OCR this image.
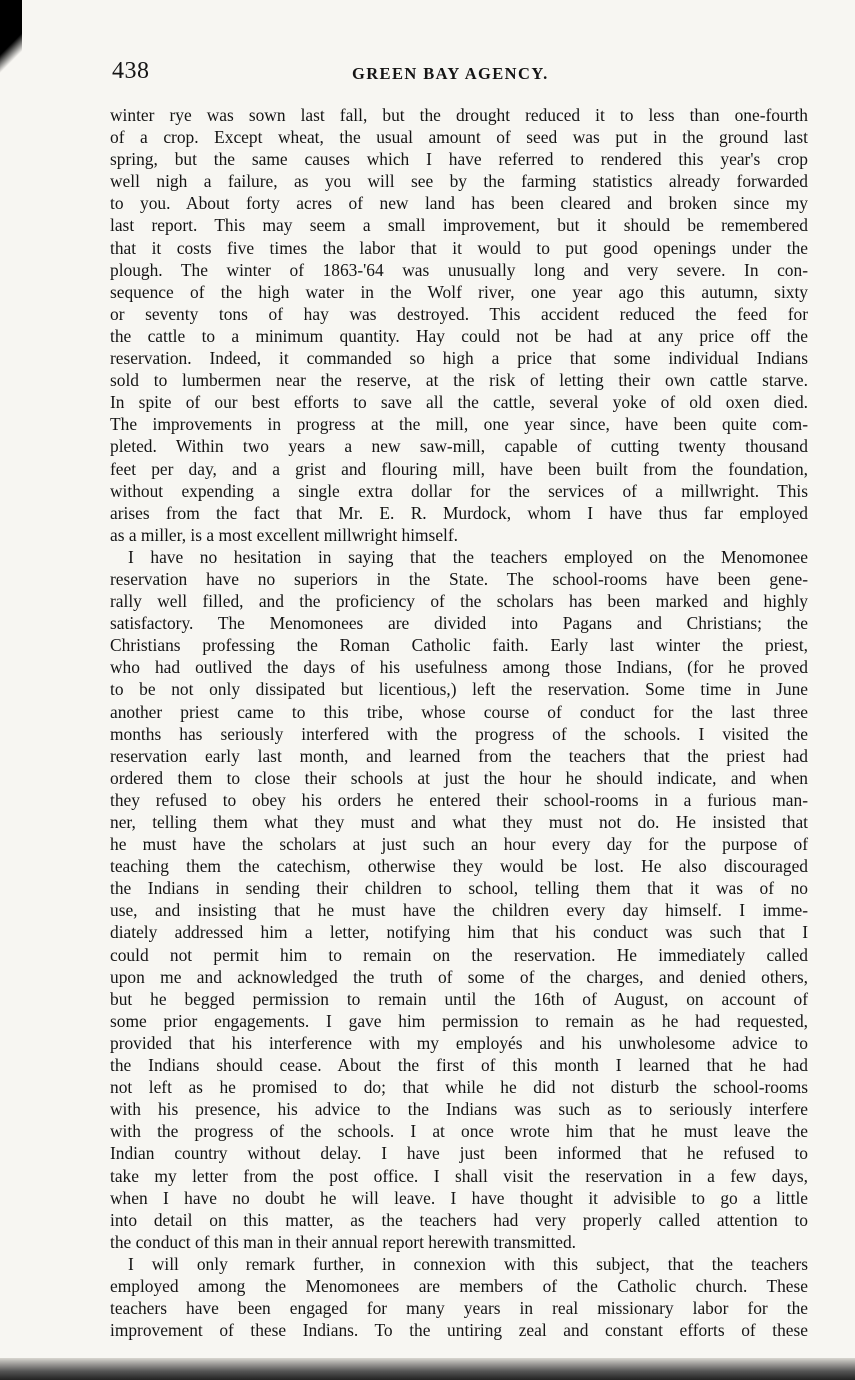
438	GREEN BAY AGENCY.
winter rye was sown last fall, but the drought reduced it to less than one-fourth
of a crop. Except wheat, the usual amount of seed was put in the ground last
spring, but the same causes which I have referred to rendered this year's crop
well nigh a failure, as you will see by the farming statistics already forwarded
to you. About forty acres of new land has been cleared and broken since my
last report. This may seem a small improvement, but it should be remembered
that it costs five times the labor that it would to put good openings under the
plough. The winter of 1863-'64 was unusually long and very severe. In con-
sequence of the high water in the Wolf river, one year ago this autumn, sixty
or seventy tons of hay was destroyed. This accident reduced the feed for
the cattle to a minimum quantity. Hay could not be had at any price off the
reservation. Indeed, it commanded so high a price that some individual Indians
sold to lumbermen near the reserve, at the risk of letting their own cattle starve.
In spite of our best efforts to save all the cattle, several yoke of old oxen died.
The improvements in progress at the mill, one year since, have been quite com-
pleted. Within two years a new saw-mill, capable of cutting twenty thousand
feet per day, and a grist and flouring mill, have been built from the foundation,
without expending a single extra dollar for the services of a millwright. This
arises from the fact that Mr. E. R. Murdock, whom I have thus far employed
as a miller, is a most excellent millwright himself.
I have no hesitation in saying that the teachers employed on the Menomonee
reservation have no superiors in the State. The school-rooms have been gene-
rally well filled, and the proficiency of the scholars has been marked and highly
satisfactory. The Menomonees are divided into Pagans and Christians; the
Christians professing the Roman Catholic faith. Early last winter the priest,
who had outlived the days of his usefulness among those Indians, (for he proved
to be not only dissipated but licentious,) left the reservation. Some time in June
another priest came to this tribe, whose course of conduct for the last three
months has seriously interfered with the progress of the schools. I visited the
reservation early last month, and learned from the teachers that the priest had
ordered them to close their schools at just the hour he should indicate, and when
they refused to obey his orders he entered their school-rooms in a furious man-
ner, telling them what they must and what they must not do. He insisted that
he must have the scholars at just such an hour every day for the purpose of
teaching them the catechism, otherwise they would be lost. He also discouraged
the Indians in sending their children to school, telling them that it was of no
use, and insisting that he must have the children every day himself. I imme-
diately addressed him a letter, notifying him that his conduct was such that I
could not permit him to remain on the reservation. He immediately called
upon me and acknowledged the truth of some of the charges, and denied others,
but he begged permission to remain until the 16th of August, on account of
some prior engagements. I gave him permission to remain as he had requested,
provided that his interference with my employés and his unwholesome advice to
the Indians should cease. About the first of this month I learned that he had
not left as he promised to do; that while he did not disturb the school-rooms
with his presence, his advice to the Indians was such as to seriously interfere
with the progress of the schools. I at once wrote him that he must leave the
Indian country without delay. I have just been informed that he refused to
take my letter from the post office. I shall visit the reservation in a few days,
when I have no doubt he will leave. I have thought it advisible to go a little
into detail on this matter, as the teachers had very properly called attention to
the conduct of this man in their annual report herewith transmitted.
I will only remark further, in connexion with this subject, that the teachers
employed among the Menomonees are members of the Catholic church. These
teachers have been engaged for many years in real missionary labor for the
improvement of these Indians. To the untiring zeal and constant efforts of these
